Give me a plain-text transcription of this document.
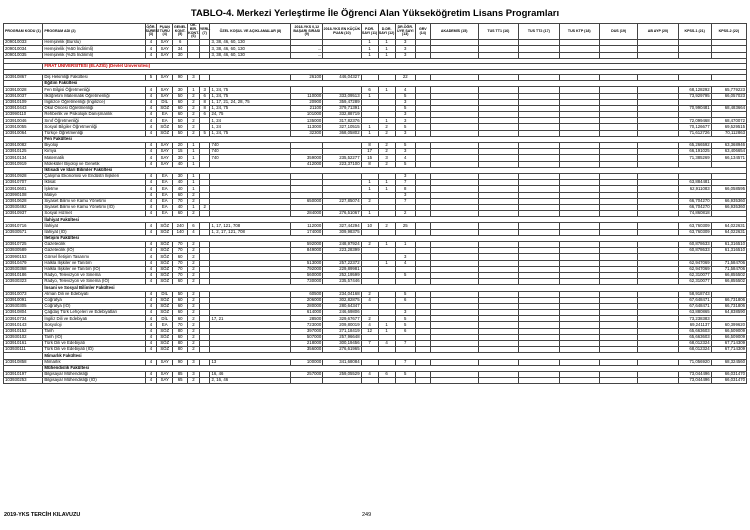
TABLO-4. Merkezi Yerleştirme İle Öğrenci Alan Yükseköğretim Lisans Programları
PROGRAM KODU (1)	PROGRAM ADI (2)	ÖĞR. SÜRESİ (3)	PUAN TÜRÜ (4)	GENEL KONT. (5)	OK. BİR. KONT. (6)	YERL. (7)	ÖZEL KOŞUL VE AÇIKLAMALAR (8)	2018-YKS 0,12 BAŞARI SIRASI (9)	2018-YKS EN KÜÇÜK PUAN (10)	P.DR. SAYI (11)	D.DR. SAYI (12)	DR.ÖĞR. ÜYE SAYI (13)	GRV (14)	AKADEMİS (15)	TUS TT1 (16)	TUS TT2 (17)	TUS KTP (18)	DUS (19)	AB AYP (20)	KPSS-1 (21)	KPSS-2 (22)
209010033	Hemşirelik (Burslu)	4	SAY	6			3, 38, 46, 60, 130			1	1	3									
209010034	Hemşirelik (%50 İndirimli)	4	SAY	34			3, 38, 46, 60, 130	...		1	1	3									
209010035	Hemşirelik (%25 İndirimli)	4	SAY	30			3, 38, 46, 60, 130	...		1	1	3									

	FIRAT ÜNİVERSİTESİ (ELAZIĞ) (Devlet Üniversitesi)																				

103910867	Diş Hekimliği Fakültesi	5	SAY	90	3			26100	446,04327			22									
	Eğitim Fakültesi																				
103910028	Fen Bilgisi Öğretmenliği	4	SAY	30	1	3	1, 24, 75			6	1	4								68,128292	65,779223
103910037	İlköğretim Matematik Öğretmenliği	4	SAY	50	2	6	1, 24, 75	110000	333,09513	1		5								73,929795	66,057023
103910109	İngilizce Öğretmenliği (İngilizce)	4	DİL	60	2	8	1, 17, 21, 24, 28, 75	20900	359,47289			3									
103910443	Okul Öncesi Öğretmenliği	4	SÖZ	60	2	8	1, 24, 75	21100	379,71391			5								70,990481	68,483664
103990110	Rehberlik ve Psikolojik Danışmanlık	4	EA	60	2	6	24, 75	101000	332,88719			3									
103910046	Sınıf Öğretmenliği	4	EA	50	2		1, 24	135000	317,82376		1	3								72,099468	68,470072
103910055	Sosyal Bilgiler Öğretmenliği	4	SÖZ	50	2		1, 24	113000	327,10515	1	2	5								70,126677	69,529515
103910064	Türkçe Öğretmenliği	4	SÖZ	50	2	5	1, 24, 75	32300	368,05802	1	2	3								71,612726	70,112863
	Fen Fakültesi																				
103910082	Biyoloji	4	SAY	20	1		740			8	2	5								65,266592	63,368946
103910125	Kimya	4	SAY	15	1		740			17	2	3								66,191025	63,406654
103910134	Matematik	4	SAY	30	1		740	359000	235,52277	15	3	4								71,385269	66,134571
103910919	Moleküler Biyoloji ve Genetik	4	SAY	40	1			412000	223,37100	8	2	5									
	İktisadi ve İdari Bilimler Fakültesi																				
103910928	Çalışma Ekonomisi ve Endüstri İlişkileri	4	EA	30	1							3									
103910707	İktisat	4	EA	40	1					1	1	7								63,884481	
103910601	İşletme	4	EA	40	1					1	1	8								62,911083	66,058595
103990108	Maliye	4	EA	60	2							3									
103910628	Siyaset Bilimi ve Kamu Yönetimi	4	EA	70	2			650000	227,85074	2		7								66,704270	66,935360
103930492	Siyaset Bilimi ve Kamu Yönetimi (İÖ)	4	EA	40	1	2														66,704270	66,935360
103910937	Sosyal Hizmet	4	EA	60	2			284000	276,51067	1		2								74,860818	
	İlahiyat Fakültesi																				
103910716	İlahiyat	4	SÖZ	240	6		1, 17, 121, 708	112000	327,44294	10	2	25								63,760309	64,022631
103930571	İlahiyat (İÖ)	4	SÖZ	140	4		1, 2, 17, 121, 708	174000	309,98375											63,760309	64,022631
	İletişim Fakültesi																				
103910725	Gazetecilik	4	SÖZ	70	2			592000	248,97924	2	1	1								60,878633	61,316510
103930589	Gazetecilik (İÖ)	4	SÖZ	70	2			849000	223,28399											60,878633	61,316510
103990153	Görsel İletişim Tasarımı	4	SÖZ	60	2							3									
103910479	Halkla İlişkiler ve Tanıtım	4	SÖZ	70	2			513000	257,22372		1	4								62,947069	71,584706
103930368	Halkla İlişkiler ve Tanıtım (İÖ)	4	SÖZ	70	2			792000	229,89981											62,947069	71,584706
103910186	Radyo, Televizyon ve Sinema	4	SÖZ	70	2			560000	252,19599			5								62,310077	66,855502
103930323	Radyo, Televizyon ve Sinema (İÖ)	4	SÖZ	60	2			730000	235,57446											62,310077	66,855502
	İnsani ve Sosyal Bilimler Fakültesi																				
103910073	Alman Dili ve Edebiyatı	4	DİL	50	2			60500	234,04168	2		5								58,918743	
103910091	Coğrafya	4	SÖZ	60	2			206000	302,82875	4		6								67,648471	66,731806
103930305	Coğrafya (İÖ)	4	SÖZ	60	2			280000	280,64347											67,648471	66,731806
103910804	Çağdaş Türk Lehçeleri ve Edebiyatları	4	SÖZ	60	2			614000	246,69806			3								63,880865	64,838590
103910734	İngiliz Dili ve Edebiyatı	4	DİL	60	2		17, 21	28500	329,67677	2		5								73,238383	
103910143	Sosyoloji	4	EA	70	2			723000	209,80019	4	1	5								69,241137	60,399620
103910152	Tarih	4	SÖZ	80	2			397000	271,18419	12	1	6								65,663603	66,509009
103930102	Tarih (İÖ)	4	SÖZ	60	2			507000	257,96648											65,663603	66,509009
103910161	Türk Dili ve Edebiyatı	4	SÖZ	80	2			218000	300,19456	7	4	7								68,012324	67,714309
103930111	Türk Dili ve Edebiyatı (İÖ)	4	SÖZ	80	2			356000	276,61965											68,012324	67,714309
	Mimarlık Fakültesi																				
103910858	Mimarlık	4	SAY	90	3		13	100000	341,68084			7								71,056920	68,324560
	Mühendislik Fakültesi																				
103910197	Bilgisayar Mühendisliği	4	SAY	85	3		16, 46	257000	259,05529	4	6	5								73,044496	66,031470
103930253	Bilgisayar Mühendisliği (İÖ)	4	SAY	65	2		2, 16, 46													73,044496	66,031470
2019-YKS TERCİH KILAVUZU	249
